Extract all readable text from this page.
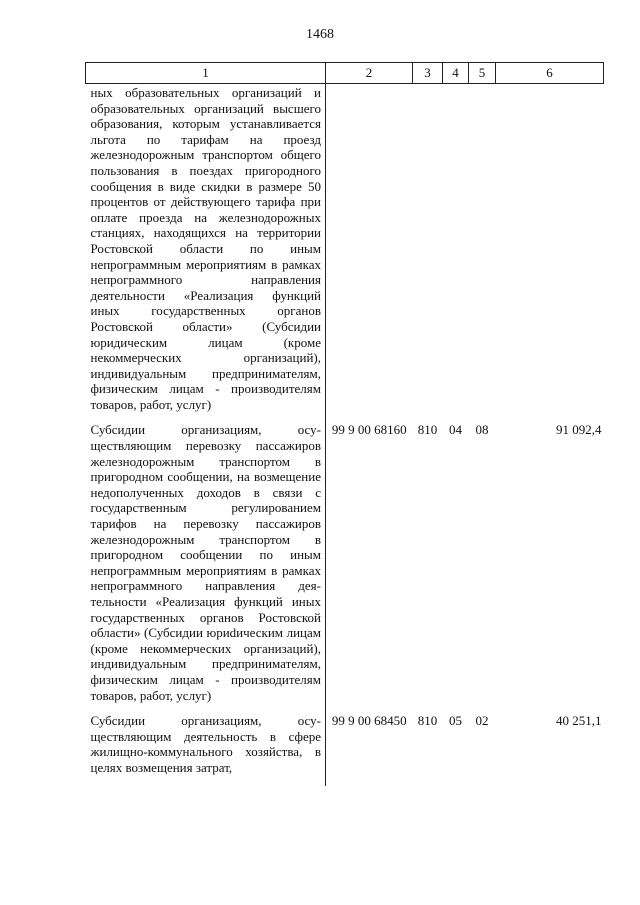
1468
1	2	3	4	5	6
ных образовательных организаций и образовательных организаций высшего образования, которым устанавливается льгота по тарифам на проезд железнодорожным транспортом общего пользования в поездах пригородного сообщения в виде скидки в размере 50 процентов от действующего тарифа при оплате проезда на железнодорожных станциях, находящихся на территории Ростовской области по иным непрограммным мероприятиям в рамках непрограммного направления деятельности «Реализация функций иных государственных органов Ростовской области» (Субсидии юридическим лицам (кроме некоммерческих организаций), индивидуальным предпринимателям, физическим лицам - производителям товаров, работ, услуг)					
Субсидии организациям, осуществляющим перевозку пассажиров железнодорожным транспортом в пригородном сообщении, на возмещение недополученных доходов в связи с государственным регулированием тарифов на перевозку пассажиров железнодорожным транспортом в пригородном сообщении по иным непрограммным мероприятиям в рамках непрограммного направления деятельности «Реализация функций иных государственных органов Ростовской области» (Субсидии юриdическим лицам (кроме некоммерческих организаций), индивидуальным предпринимателям, физическим лицам - производителям товаров, работ, услуг)	99 9 00 68160	810	04	08	91 092,4
Субсидии организациям, осуществляющим деятельность в сфере жилищно-коммунального хозяйства, в целях возмещения затрат,	99 9 00 68450	810	05	02	40 251,1
